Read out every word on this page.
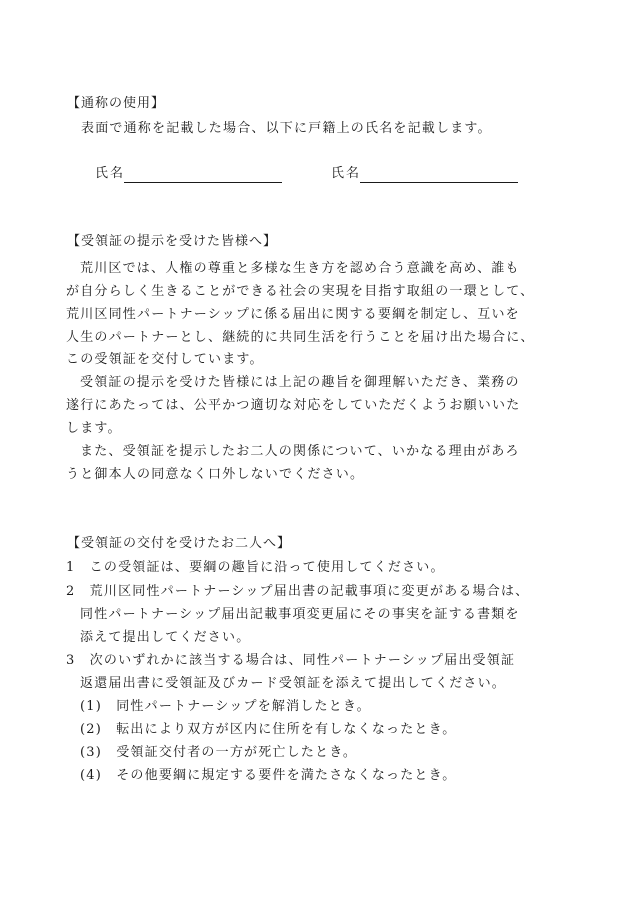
【通称の使用】
表面で通称を記載した場合、以下に戸籍上の氏名を記載します。
氏名	氏名
【受領証の提示を受けた皆様へ】
荒川区では、人権の尊重と多様な生き方を認め合う意識を高め、誰も
が自分らしく生きることができる社会の実現を目指す取組の一環として、
荒川区同性パートナーシップに係る届出に関する要綱を制定し、互いを
人生のパートナーとし、継続的に共同生活を行うことを届け出た場合に、
この受領証を交付しています。
受領証の提示を受けた皆様には上記の趣旨を御理解いただき、業務の
遂行にあたっては、公平かつ適切な対応をしていただくようお願いいた
します。
また、受領証を提示したお二人の関係について、いかなる理由があろ
うと御本人の同意なく口外しないでください。
【受領証の交付を受けたお二人へ】
1　この受領証は、要綱の趣旨に沿って使用してください。
2　荒川区同性パートナーシップ届出書の記載事項に変更がある場合は、
同性パートナーシップ届出記載事項変更届にその事実を証する書類を
添えて提出してください。
3　次のいずれかに該当する場合は、同性パートナーシップ届出受領証
返還届出書に受領証及びカード受領証を添えて提出してください。
(1)　同性パートナーシップを解消したとき。
(2)　転出により双方が区内に住所を有しなくなったとき。
(3)　受領証交付者の一方が死亡したとき。
(4)　その他要綱に規定する要件を満たさなくなったとき。
